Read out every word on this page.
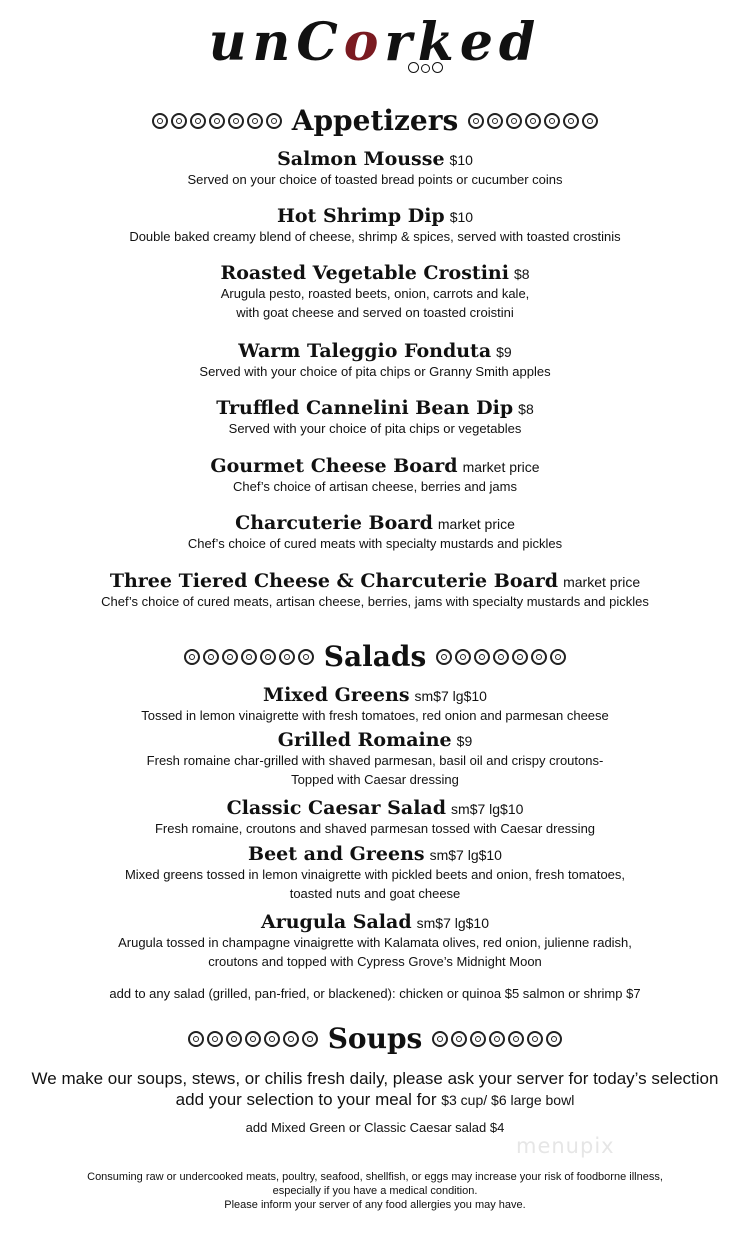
unCorked
Appetizers
Salmon Mousse $10
Served on your choice of toasted bread points or cucumber coins
Hot Shrimp Dip $10
Double baked creamy blend of cheese, shrimp & spices, served with toasted crostinis
Roasted Vegetable Crostini $8
Arugula pesto, roasted beets, onion, carrots and kale,
with goat cheese and served on toasted croistini
Warm Taleggio Fonduta $9
Served with your choice of pita chips or Granny Smith apples
Truffled Cannelini Bean Dip $8
Served with your choice of pita chips or vegetables
Gourmet Cheese Board market price
Chef’s choice of artisan cheese, berries and jams
Charcuterie Board market price
Chef’s choice of cured meats with specialty mustards and pickles
Three Tiered Cheese & Charcuterie Board market price
Chef’s choice of cured meats, artisan cheese, berries, jams with specialty mustards and pickles
Salads
Mixed Greens sm$7 lg$10
Tossed in lemon vinaigrette with fresh tomatoes, red onion and parmesan cheese
Grilled Romaine $9
Fresh romaine char-grilled with shaved parmesan, basil oil and crispy croutons-
Topped with Caesar dressing
Classic Caesar Salad sm$7 lg$10
Fresh romaine, croutons and shaved parmesan tossed with Caesar dressing
Beet and Greens sm$7 lg$10
Mixed greens tossed in lemon vinaigrette with pickled beets and onion, fresh tomatoes,
toasted nuts and goat cheese
Arugula Salad sm$7 lg$10
Arugula tossed in champagne vinaigrette with Kalamata olives, red onion, julienne radish,
croutons and topped with Cypress Grove’s Midnight Moon
add to any salad (grilled, pan-fried, or blackened): chicken or quinoa $5 salmon or shrimp $7
Soups
We make our soups, stews, or chilis fresh daily, please ask your server for today’s selection
add your selection to your meal for $3 cup/ $6 large bowl
add Mixed Green or Classic Caesar salad $4
menupix
Consuming raw or undercooked meats, poultry, seafood, shellfish, or eggs may increase your risk of foodborne illness,
especially if you have a medical condition.
Please inform your server of any food allergies you may have.
